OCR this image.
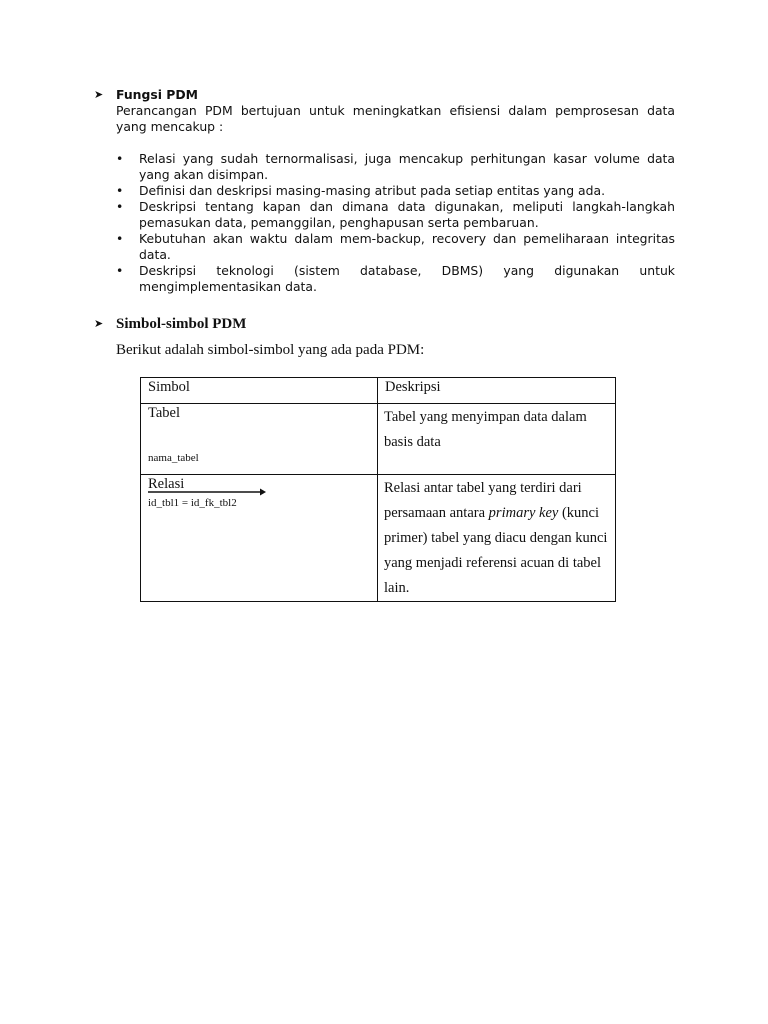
➤	Fungsi PDM
Perancangan PDM bertujuan untuk meningkatkan efisiensi dalam pemprosesan data yang mencakup :
• Relasi yang sudah ternormalisasi, juga mencakup perhitungan kasar volume data yang akan disimpan.
• Definisi dan deskripsi masing-masing atribut pada setiap entitas yang ada.
• Deskripsi tentang kapan dan dimana data digunakan, meliputi langkah-langkah pemasukan data, pemanggilan, penghapusan serta pembaruan.
• Kebutuhan akan waktu dalam mem-backup, recovery dan pemeliharaan integritas data.
• Deskripsi teknologi (sistem database, DBMS) yang digunakan untuk mengimplementasikan data.
➤ Simbol-simbol PDM
Berikut adalah simbol-simbol yang ada pada PDM:
Simbol	Deskripsi

Tabel
nama_tabel	Tabel yang menyimpan data dalam basis data

Relasi
id_tbl1 = id_fk_tbl2	Relasi antar tabel yang terdiri dari persamaan antara primary key (kunci primer) tabel yang diacu dengan kunci yang menjadi referensi acuan di tabel lain.
